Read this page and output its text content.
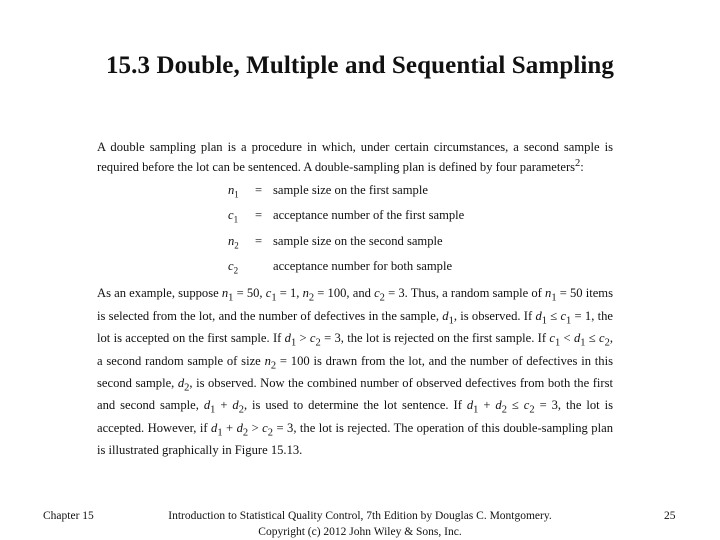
15.3 Double, Multiple and Sequential Sampling

A double sampling plan is a procedure in which, under certain circumstances, a second sample is required before the lot can be sentenced. A double-sampling plan is defined by four parameters$^2$:

$n_1$	= sample size on the first sample
$c_1$	= acceptance number of the first sample
$n_2$	= sample size on the second sample
$c_2$	acceptance number for both sample

As an example, suppose $n_1 = 50$, $c_1 = 1$, $n_2 = 100$, and $c_2 = 3$. Thus, a random sample of $n_1 = 50$ items is selected from the lot, and the number of defectives in the sample, $d_1$, is observed. If $d_1 \le c_1 = 1$, the lot is accepted on the first sample. If $d_1 > c_2 = 3$, the lot is rejected on the first sample. If $c_1 < d_1 \le c_2$, a second random sample of size $n_2 = 100$ is drawn from the lot, and the number of defectives in this second sample, $d_2$, is observed. Now the combined number of observed defectives from both the first and second sample, $d_1 + d_2$, is used to determine the lot sentence. If $d_1 + d_2 \le c_2 = 3$, the lot is accepted. However, if $d_1 + d_2 > c_2 = 3$, the lot is rejected. The operation of this double-sampling plan is illustrated graphically in Figure 15.13.

Chapter 15	Introduction to Statistical Quality Control, 7th Edition by Douglas C. Montgomery.
Copyright (c) 2012 John Wiley & Sons, Inc.
25
